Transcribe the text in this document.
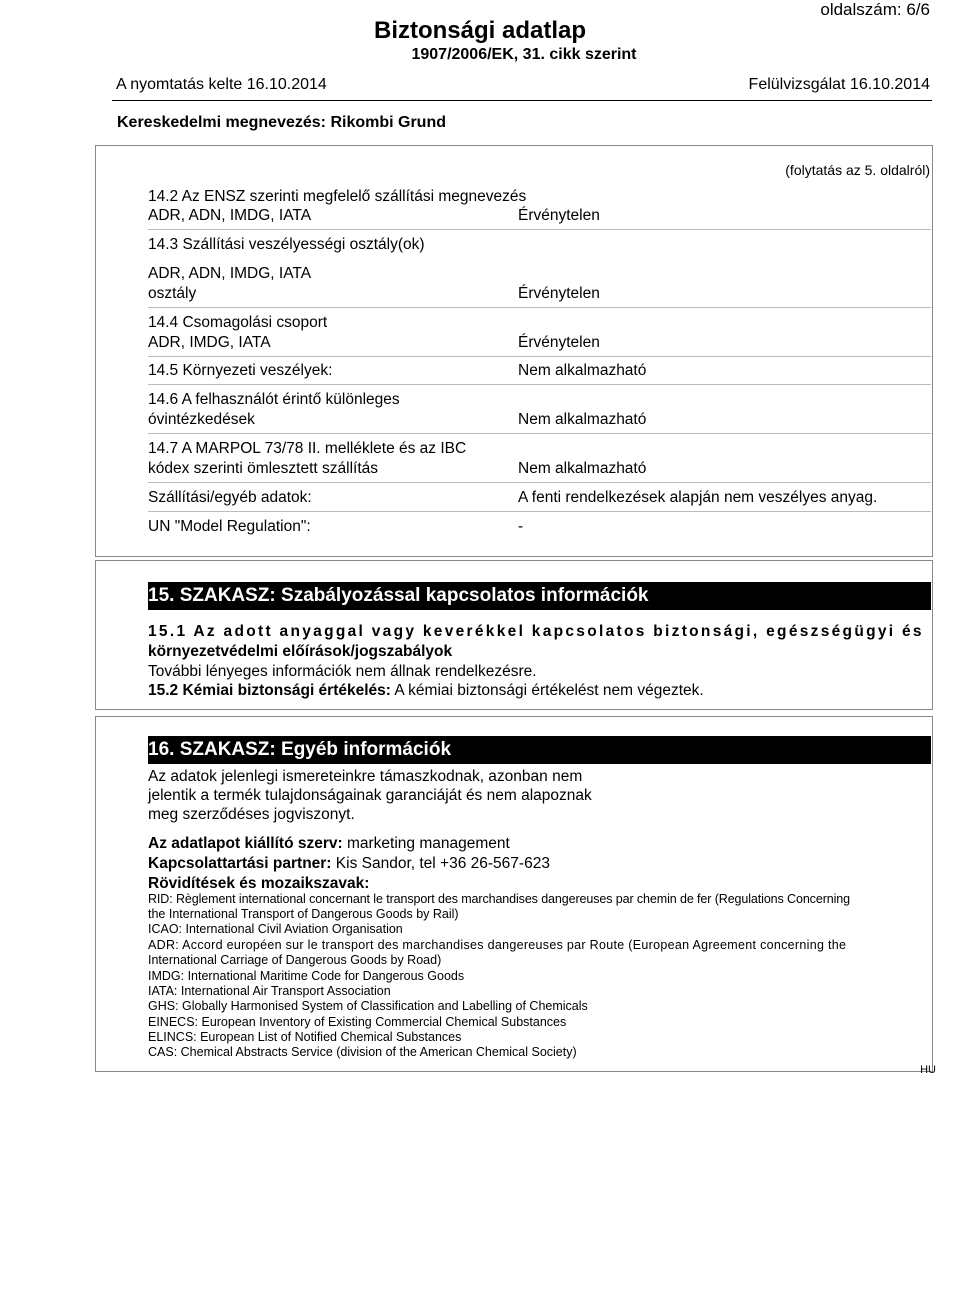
oldalszám: 6/6
Biztonsági adatlap
1907/2006/EK, 31. cikk szerint
A nyomtatás kelte 16.10.2014	Felülvizsgálat 16.10.2014
Kereskedelmi megnevezés: Rikombi Grund
(folytatás az 5. oldalról)
14.2 Az ENSZ szerinti megfelelő szállítási megnevezés
ADR, ADN, IMDG, IATA	Érvénytelen
14.3 Szállítási veszélyességi osztály(ok)
ADR, ADN, IMDG, IATA
osztály	Érvénytelen
14.4 Csomagolási csoport
ADR, IMDG, IATA	Érvénytelen
14.5 Környezeti veszélyek:	Nem alkalmazható
14.6 A felhasználót érintő különleges
óvintézkedések	Nem alkalmazható
14.7 A MARPOL 73/78 II. melléklete és az IBC
kódex szerinti ömlesztett szállítás	Nem alkalmazható
Szállítási/egyéb adatok:	A fenti rendelkezések alapján nem veszélyes anyag.
UN "Model Regulation":	-
15. SZAKASZ: Szabályozással kapcsolatos információk
15.1 Az adott anyaggal vagy keverékkel kapcsolatos biztonsági, egészségügyi és
környezetvédelmi előírások/jogszabályok
További lényeges információk nem állnak rendelkezésre.
15.2 Kémiai biztonsági értékelés: A kémiai biztonsági értékelést nem végeztek.
16. SZAKASZ: Egyéb információk
Az adatok jelenlegi ismereteinkre támaszkodnak, azonban nem
jelentik a termék tulajdonságainak garanciáját és nem alapoznak
meg szerződéses jogviszonyt.
Az adatlapot kiállító szerv: marketing management
Kapcsolattartási partner: Kis Sandor, tel +36 26-567-623
Rövidítések és mozaikszavak:
RID: Règlement international concernant le transport des marchandises dangereuses par chemin de fer (Regulations Concerning
the International Transport of Dangerous Goods by Rail)
ICAO: International Civil Aviation Organisation
ADR: Accord européen sur le transport des marchandises dangereuses par Route (European Agreement concerning the
International Carriage of Dangerous Goods by Road)
IMDG: International Maritime Code for Dangerous Goods
IATA: International Air Transport Association
GHS: Globally Harmonised System of Classification and Labelling of Chemicals
EINECS: European Inventory of Existing Commercial Chemical Substances
ELINCS: European List of Notified Chemical Substances
CAS: Chemical Abstracts Service (division of the American Chemical Society)
HU
